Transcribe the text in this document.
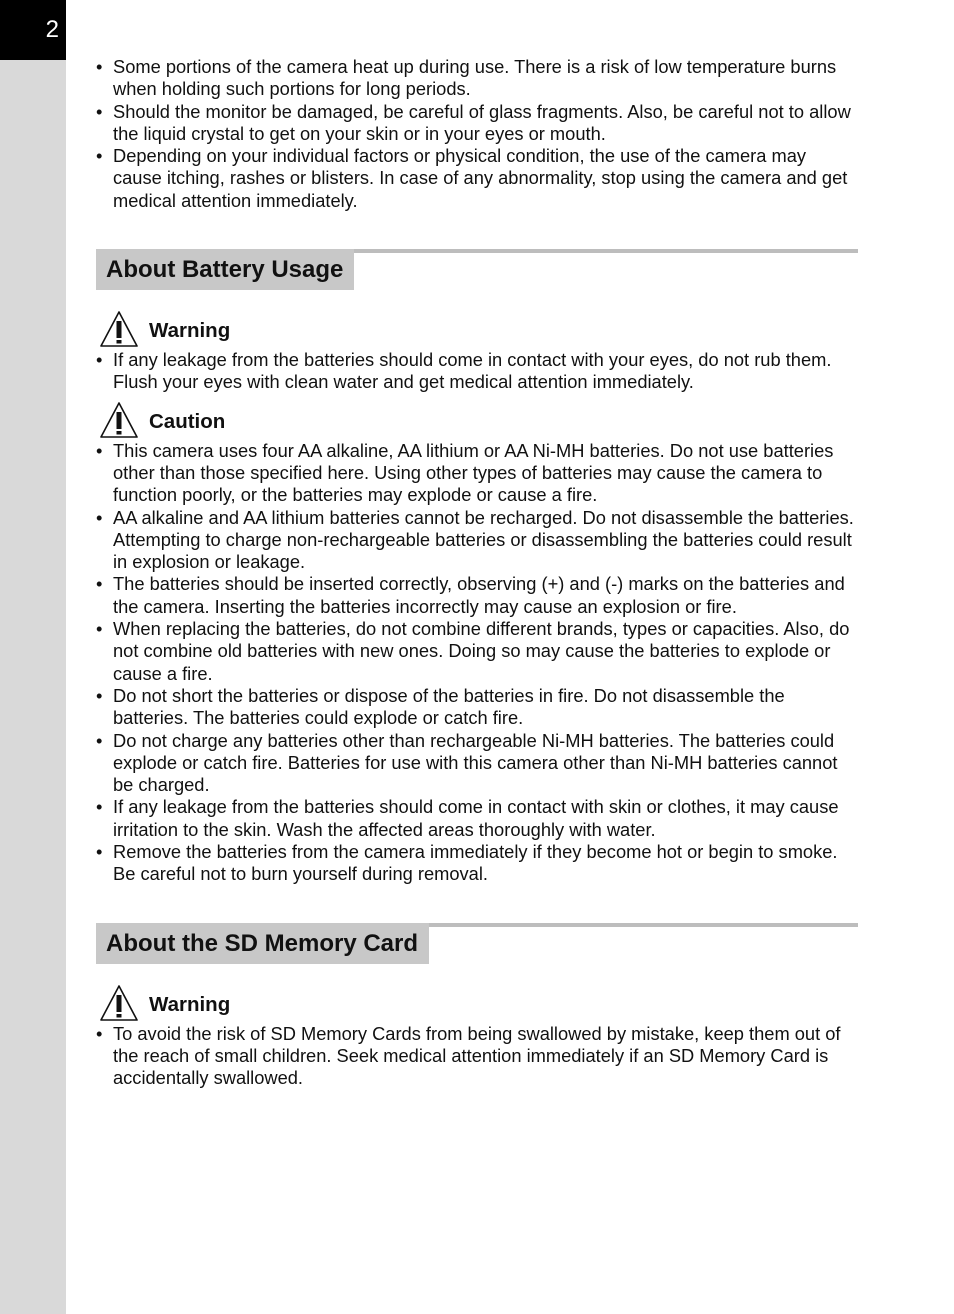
2
• Some portions of the camera heat up during use. There is a risk of low temperature burns when holding such portions for long periods.
• Should the monitor be damaged, be careful of glass fragments. Also, be careful not to allow the liquid crystal to get on your skin or in your eyes or mouth.
• Depending on your individual factors or physical condition, the use of the camera may cause itching, rashes or blisters. In case of any abnormality, stop using the camera and get medical attention immediately.
About Battery Usage
Warning
• If any leakage from the batteries should come in contact with your eyes, do not rub them. Flush your eyes with clean water and get medical attention immediately.
Caution
• This camera uses four AA alkaline, AA lithium or AA Ni-MH batteries. Do not use batteries other than those specified here. Using other types of batteries may cause the camera to function poorly, or the batteries may explode or cause a fire.
• AA alkaline and AA lithium batteries cannot be recharged. Do not disassemble the batteries. Attempting to charge non-rechargeable batteries or disassembling the batteries could result in explosion or leakage.
• The batteries should be inserted correctly, observing (+) and (-) marks on the batteries and the camera. Inserting the batteries incorrectly may cause an explosion or fire.
• When replacing the batteries, do not combine different brands, types or capacities. Also, do not combine old batteries with new ones. Doing so may cause the batteries to explode or cause a fire.
• Do not short the batteries or dispose of the batteries in fire. Do not disassemble the batteries. The batteries could explode or catch fire.
• Do not charge any batteries other than rechargeable Ni-MH batteries. The batteries could explode or catch fire. Batteries for use with this camera other than Ni-MH batteries cannot be charged.
• If any leakage from the batteries should come in contact with skin or clothes, it may cause irritation to the skin. Wash the affected areas thoroughly with water.
• Remove the batteries from the camera immediately if they become hot or begin to smoke. Be careful not to burn yourself during removal.
About the SD Memory Card
Warning
• To avoid the risk of SD Memory Cards from being swallowed by mistake, keep them out of the reach of small children. Seek medical attention immediately if an SD Memory Card is accidentally swallowed.
